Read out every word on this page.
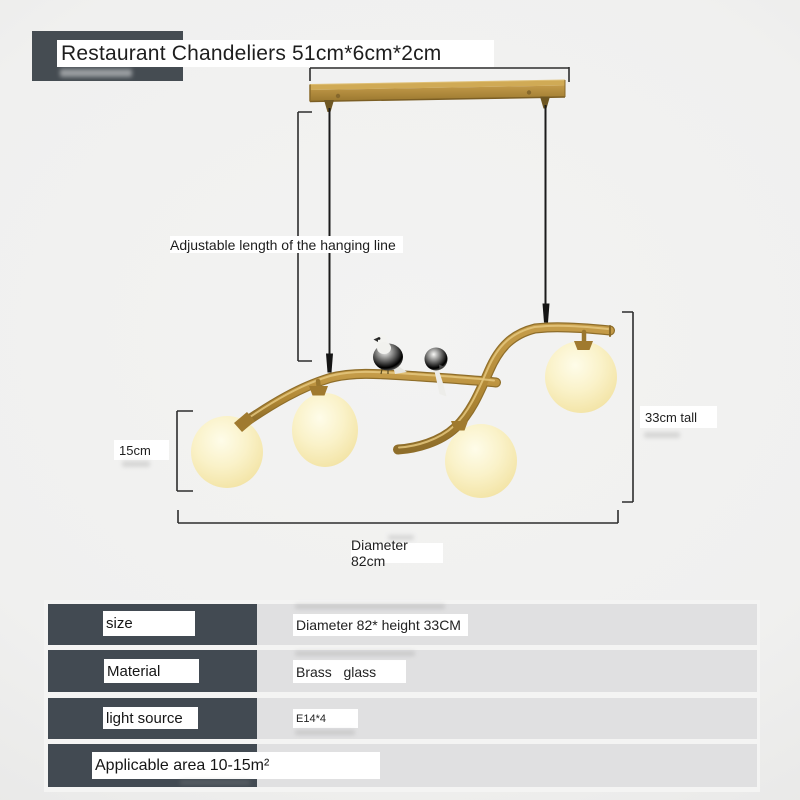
Restaurant Chandeliers 51cm*6cm*2cm
Adjustable length of the hanging line
15cm
33cm tall
Diameter 82cm
size	Diameter 82* height 33CM
Material	Brass   glass
light source	E14*4
Applicable area 10-15m²
